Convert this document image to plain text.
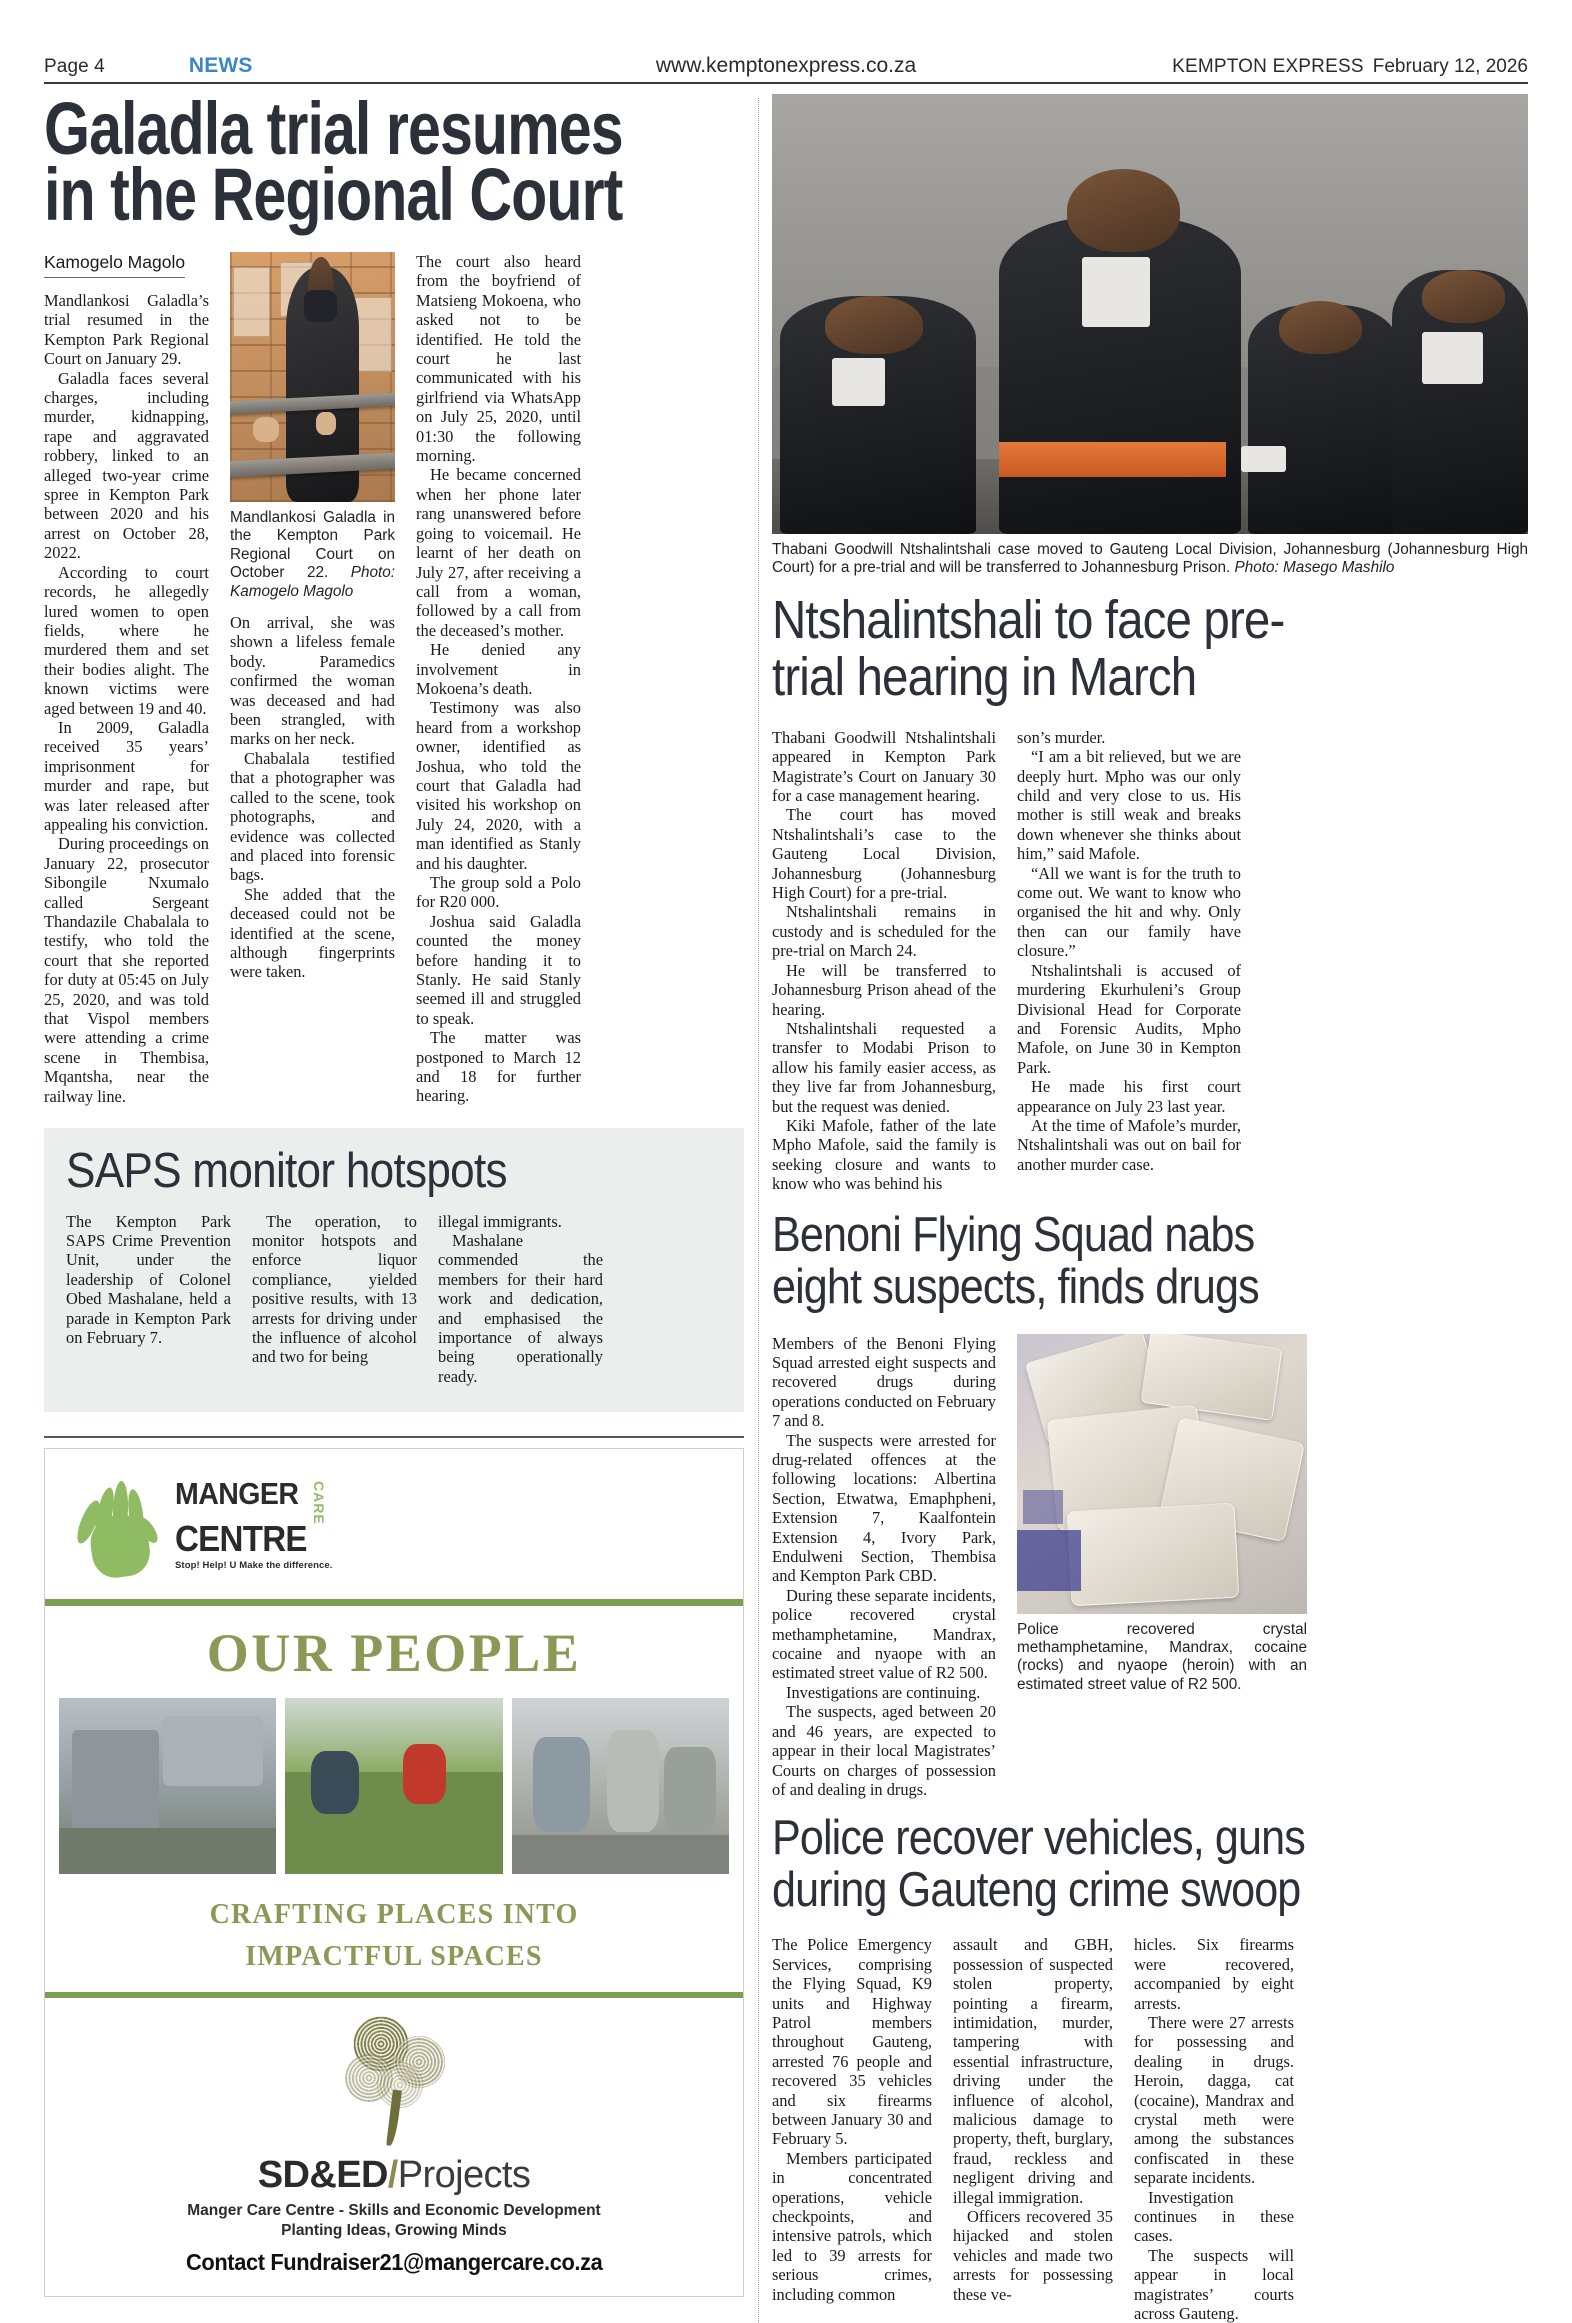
Page 4	NEWS	www.kemptonexpress.co.za	KEMPTON EXPRESS February 12, 2026
Galadla trial resumes
in the Regional Court
Kamogelo Magolo

Mandlankosi Galadla’s trial resumed in the Kempton Park Regional Court on January 29.

Galadla faces several charges, including murder, kidnapping, rape and aggravated robbery, linked to an alleged two-year crime spree in Kempton Park between 2020 and his arrest on October 28, 2022.

According to court records, he allegedly lured women to open fields, where he murdered them and set their bodies alight. The known victims were aged between 19 and 40.

In 2009, Galadla received 35 years’ imprisonment for murder and rape, but was later released after appealing his conviction.

During proceedings on January 22, prosecutor Sibongile Nxumalo called Sergeant Thandazile Chabalala to testify, who told the court that she reported for duty at 05:45 on July 25, 2020, and was told that Vispol members were attending a crime scene in Thembisa, Mqantsha, near the railway line.

Mandlankosi Galadla in the Kempton Park Regional Court on October 22. Photo: Kamogelo Magolo

On arrival, she was shown a lifeless female body. Paramedics confirmed the woman was deceased and had been strangled, with marks on her neck.

Chabalala testified that a photographer was called to the scene, took photographs, and evidence was collected and placed into forensic bags.

She added that the deceased could not be identified at the scene, although fingerprints were taken.

The court also heard from the boyfriend of Matsieng Mokoena, who asked not to be identified. He told the court he last communicated with his girlfriend via WhatsApp on July 25, 2020, until 01:30 the following morning.

He became concerned when her phone later rang unanswered before going to voicemail. He learnt of her death on July 27, after receiving a call from a woman, followed by a call from the deceased’s mother.

He denied any involvement in Mokoena’s death.

Testimony was also heard from a workshop owner, identified as Joshua, who told the court that Galadla had visited his workshop on July 24, 2020, with a man identified as Stanly and his daughter.

The group sold a Polo for R20 000.

Joshua said Galadla counted the money before handing it to Stanly. He said Stanly seemed ill and struggled to speak.

The matter was postponed to March 12 and 18 for further hearing.

SAPS monitor hotspots

The Kempton Park SAPS Crime Prevention Unit, under the leadership of Colonel Obed Mashalane, held a parade in Kempton Park on February 7.

The operation, to monitor hotspots and enforce liquor compliance, yielded positive results, with 13 arrests for driving under the influence of alcohol and two for being

illegal immigrants.

Mashalane commended the members for their hard work and dedication, and emphasised the importance of always being operationally ready.

MANGER CARE
CENTRE
Stop! Help! U Make the difference.
OUR PEOPLE
CRAFTING PLACES INTO
IMPACTFUL SPACES
SD&ED/Projects
Manger Care Centre - Skills and Economic Development
Planting Ideas, Growing Minds
Contact Fundraiser21@mangercare.co.za
Thabani Goodwill Ntshalintshali case moved to Gauteng Local Division, Johannesburg (Johannesburg High Court) for a pre-trial and will be transferred to Johannesburg Prison. Photo: Masego Mashilo
Ntshalintshali to face pre-
trial hearing in March

Thabani Goodwill Ntshalintshali appeared in Kempton Park Magistrate’s Court on January 30 for a case management hearing.

The court has moved Ntshalintshali’s case to the Gauteng Local Division, Johannesburg (Johannesburg High Court) for a pre-trial.

Ntshalintshali remains in custody and is scheduled for the pre-trial on March 24.

He will be transferred to Johannesburg Prison ahead of the hearing.

Ntshalintshali requested a transfer to Modabi Prison to allow his family easier access, as they live far from Johannesburg, but the request was denied.

Kiki Mafole, father of the late Mpho Mafole, said the family is seeking closure and wants to know who was behind his

son’s murder.

“I am a bit relieved, but we are deeply hurt. Mpho was our only child and very close to us. His mother is still weak and breaks down whenever she thinks about him,” said Mafole.

“All we want is for the truth to come out. We want to know who organised the hit and why. Only then can our family have closure.”

Ntshalintshali is accused of murdering Ekurhuleni’s Group Divisional Head for Corporate and Forensic Audits, Mpho Mafole, on June 30 in Kempton Park.

He made his first court appearance on July 23 last year.

At the time of Mafole’s murder, Ntshalintshali was out on bail for another murder case.

Benoni Flying Squad nabs
eight suspects, finds drugs

Members of the Benoni Flying Squad arrested eight suspects and recovered drugs during operations conducted on February 7 and 8.

The suspects were arrested for drug-related offences at the following locations: Albertina Section, Etwatwa, Emaphpheni, Extension 7, Kaalfontein Extension 4, Ivory Park, Endulweni Section, Thembisa and Kempton Park CBD.

During these separate incidents, police recovered crystal methamphetamine, Mandrax, cocaine and nyaope with an estimated street value of R2 500.

Investigations are continuing.

The suspects, aged between 20 and 46 years, are expected to appear in their local Magistrates’ Courts on charges of possession of and dealing in drugs.

Police recovered crystal methamphetamine, Mandrax, cocaine (rocks) and nyaope (heroin) with an estimated street value of R2 500.
Police recover vehicles, guns
during Gauteng crime swoop

The Police Emergency Services, comprising the Flying Squad, K9 units and Highway Patrol members throughout Gauteng, arrested 76 people and recovered 35 vehicles and six firearms between January 30 and February 5.

Members participated in concentrated operations, vehicle checkpoints, and intensive patrols, which led to 39 arrests for serious crimes, including common

assault and GBH, possession of suspected stolen property, pointing a firearm, intimidation, murder, tampering with essential infrastructure, driving under the influence of alcohol, malicious damage to property, theft, burglary, fraud, reckless and negligent driving and illegal immigration.

Officers recovered 35 hijacked and stolen vehicles and made two arrests for possessing these ve-

hicles. Six firearms were recovered, accompanied by eight arrests.

There were 27 arrests for possessing and dealing in drugs. Heroin, dagga, cat (cocaine), Mandrax and crystal meth were among the substances confiscated in these separate incidents.

Investigation continues in these cases.

The suspects will appear in local magistrates’ courts across Gauteng.
